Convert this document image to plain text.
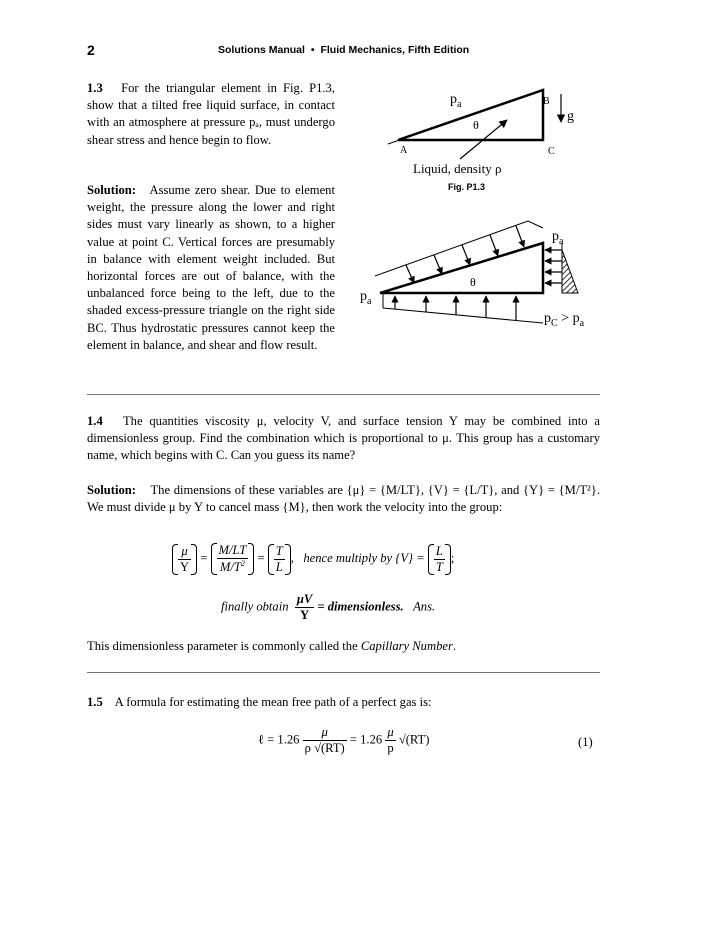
2	Solutions Manual • Fluid Mechanics, Fifth Edition
1.3 For the triangular element in Fig. P1.3, show that a tilted free liquid surface, in contact with an atmosphere at pressure pₐ, must undergo shear stress and hence begin to flow.
Solution: Assume zero shear. Due to element weight, the pressure along the lower and right sides must vary linearly as shown, to a higher value at point C. Vertical forces are presumably in balance with element weight included. But horizontal forces are out of balance, with the unbalanced force being to the left, due to the shaded excess-pressure triangle on the right side BC. Thus hydrostatic pressures cannot keep the element in balance, and shear and flow result.
$p_a$	B
g
θ
A	C
Liquid, density ρ
Fig. P1.3
$p_a$
θ
$p_a$
$p_C > p_a$
1.4 The quantities viscosity μ, velocity V, and surface tension Y may be combined into a dimensionless group. Find the combination which is proportional to μ. This group has a customary name, which begins with C. Can you guess its name?
Solution: The dimensions of these variables are {μ} = {M/LT}, {V} = {L/T}, and {Y} = {M/T²}. We must divide μ by Y to cancel mass {M}, then work the velocity into the group:
$\frac{\mu}{Y} = \frac{M/LT}{M/T^2} = \frac{T}{L}$ , hence multiply by $\{V\} = \frac{L}{T}$ ;
finally obtain
μV
Y
= dimensionless. Ans.
This dimensionless parameter is commonly called the Capillary Number.
1.5 A formula for estimating the mean free path of a perfect gas is:
ℓ = $1.26 \frac{\mu}{\rho √(RT)} = 1.26 \frac{\mu}{p} √(RT)$	(1)
